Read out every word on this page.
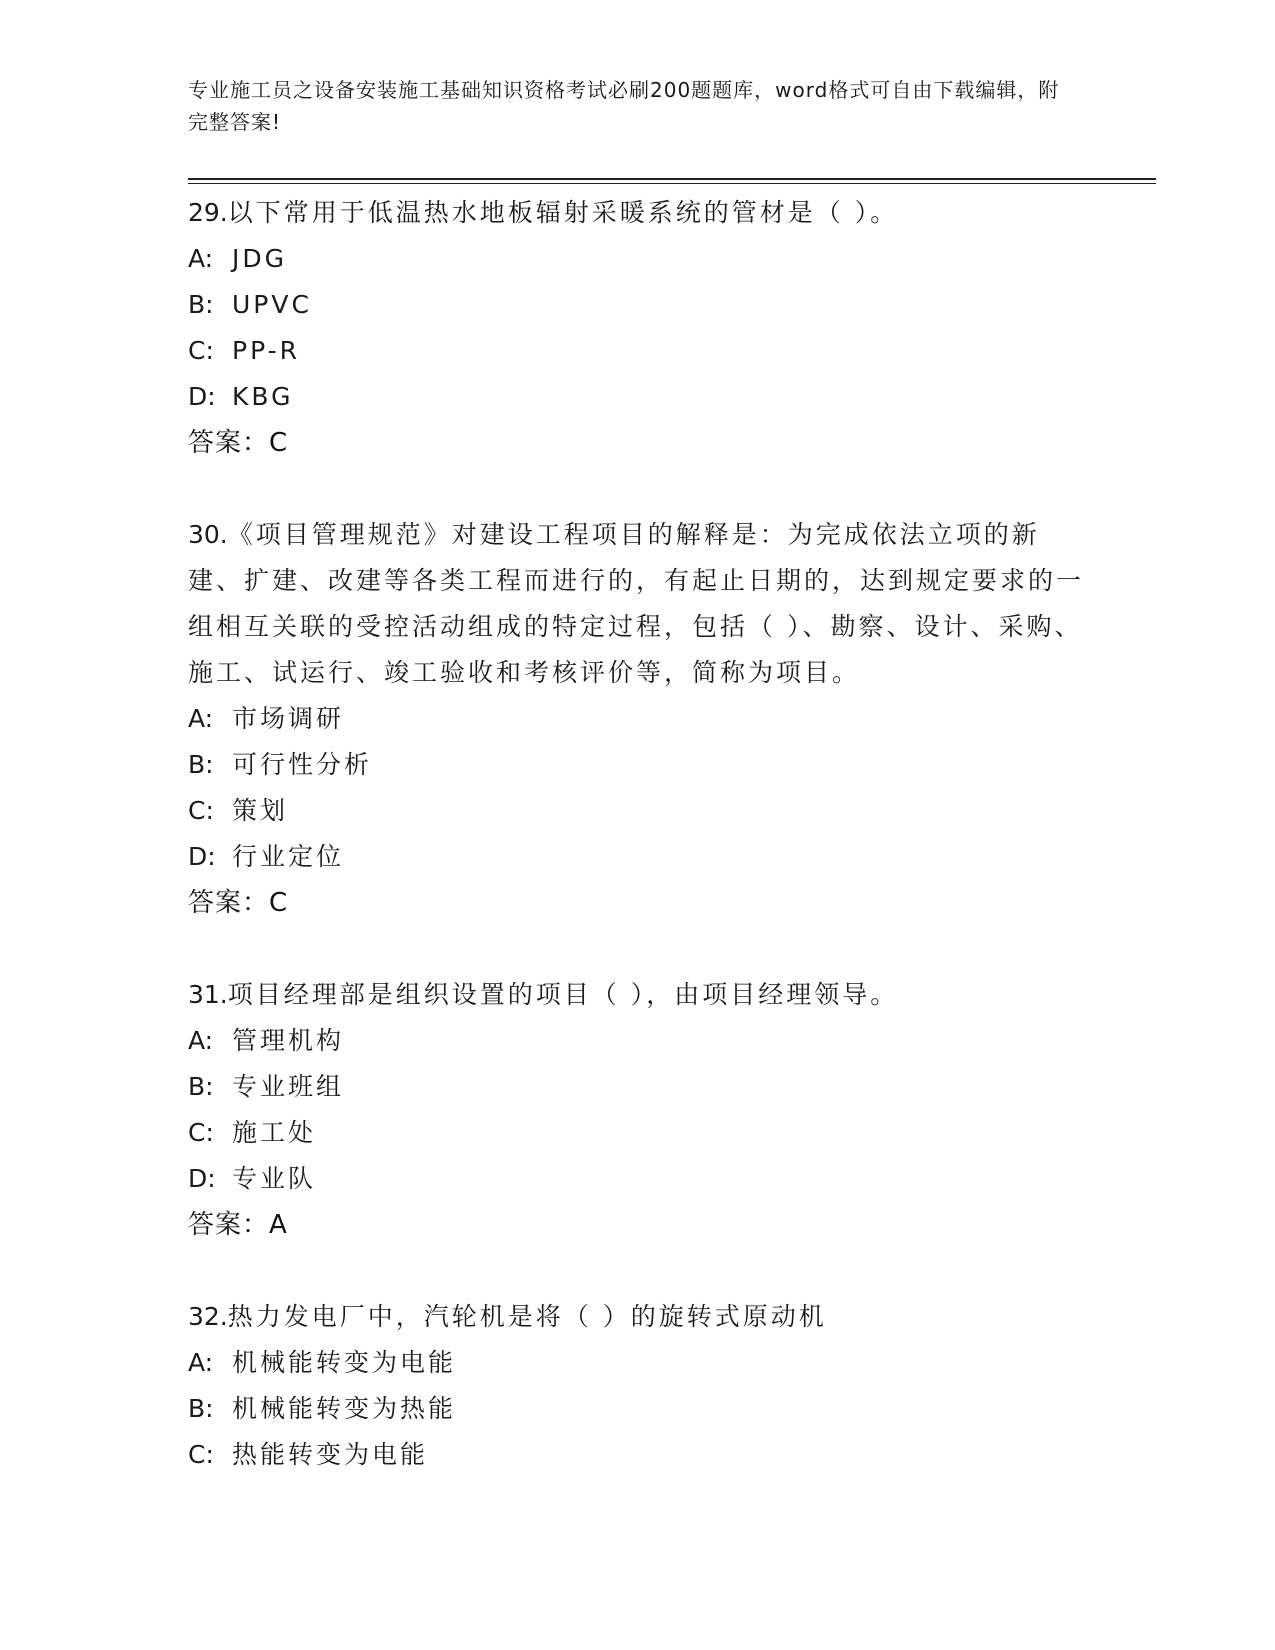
专业施工员之设备安装施工基础知识资格考试必刷200题题库，word格式可自由下载编辑，附完整答案!

29.以下常用于低温热水地板辐射采暖系统的管材是（ ）。

A: JDG
B: UPVC
C: PP-R
D: KBG
答案：C

30.《项目管理规范》对建设工程项目的解释是：为完成依法立项的新建、扩建、改建等各类工程而进行的，有起止日期的，达到规定要求的一组相互关联的受控活动组成的特定过程，包括（ ）、勘察、设计、采购、施工、试运行、竣工验收和考核评价等，简称为项目。

A: 市场调研
B: 可行性分析
C: 策划
D: 行业定位
答案：C

31.项目经理部是组织设置的项目（ ），由项目经理领导。

A: 管理机构
B: 专业班组
C: 施工处
D: 专业队
答案：A

32.热力发电厂中，汽轮机是将（ ）的旋转式原动机

A: 机械能转变为电能
B: 机械能转变为热能
C: 热能转变为电能
